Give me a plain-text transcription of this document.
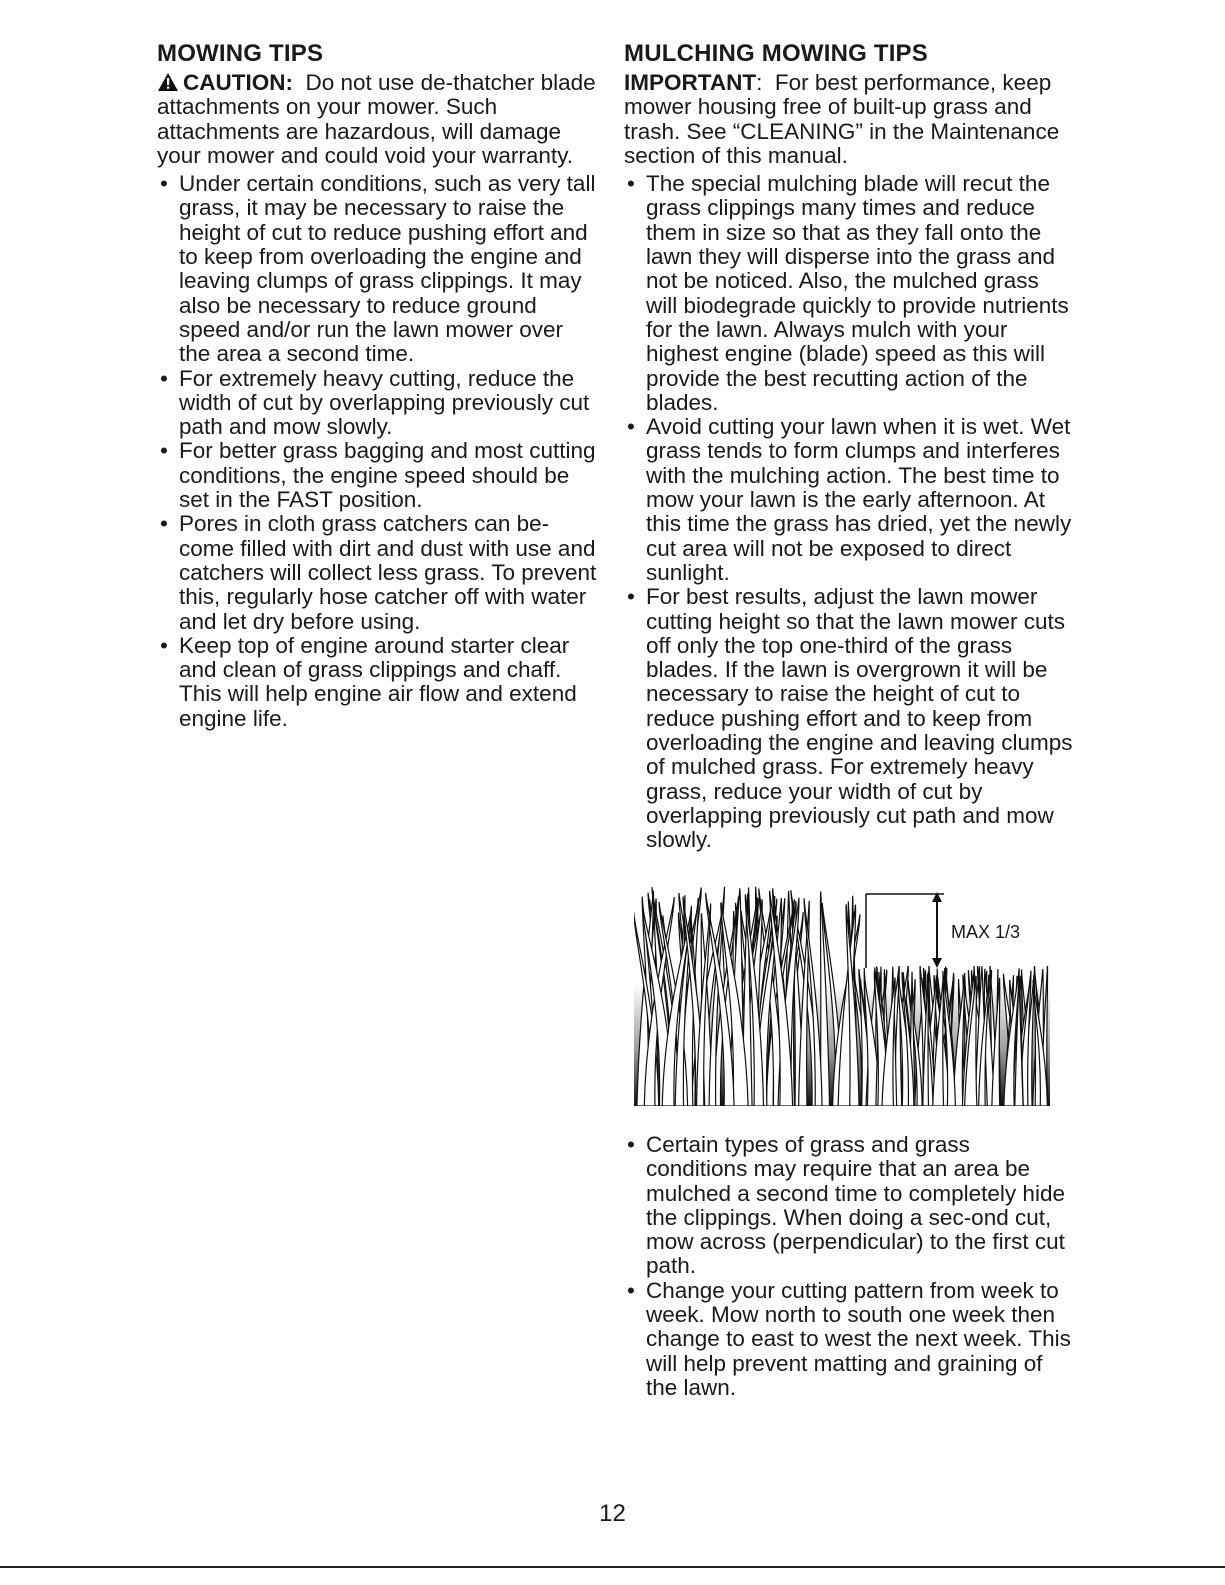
MOWING TIPS

CAUTION: Do not use de-thatcher blade attachments on your mower. Such attachments are hazardous, will damage your mower and could void your warranty.

• Under certain conditions, such as very tall grass, it may be necessary to raise the height of cut to reduce pushing effort and to keep from overloading the engine and leaving clumps of grass clippings. It may also be necessary to reduce ground speed and/or run the lawn mower over the area a second time.
• For extremely heavy cutting, reduce the width of cut by overlapping previously cut path and mow slowly.
• For better grass bagging and most cutting conditions, the engine speed should be set in the FAST position.
• Pores in cloth grass catchers can be-come filled with dirt and dust with use and catchers will collect less grass. To prevent this, regularly hose catcher off with water and let dry before using.
• Keep top of engine around starter clear and clean of grass clippings and chaff. This will help engine air flow and extend engine life.
MULCHING MOWING TIPS

IMPORTANT:  For best performance, keep mower housing free of built-up grass and trash. See “CLEANING” in the Maintenance section of this manual.

• The special mulching blade will recut the grass clippings many times and reduce them in size so that as they fall onto the lawn they will disperse into the grass and not be noticed. Also, the mulched grass will biodegrade quickly to provide nutrients for the lawn. Always mulch with your highest engine (blade) speed as this will provide the best recutting action of the blades.
• Avoid cutting your lawn when it is wet. Wet grass tends to form clumps and interferes with the mulching action. The best time to mow your lawn is the early afternoon. At this time the grass has dried, yet the newly cut area will not be exposed to direct sunlight.
• For best results, adjust the lawn mower cutting height so that the lawn mower cuts off only the top one-third of the grass blades. If the lawn is overgrown it will be necessary to raise the height of cut to reduce pushing effort and to keep from overloading the engine and leaving clumps of mulched grass. For extremely heavy grass, reduce your width of cut by overlapping previously cut path and mow slowly.
MAX 1/3
• Certain types of grass and grass conditions may require that an area be mulched a second time to completely hide the clippings. When doing a sec-ond cut, mow across (perpendicular) to the first cut path.
• Change your cutting pattern from week to week. Mow north to south one week then change to east to west the next week. This will help prevent matting and graining of the lawn.
12
